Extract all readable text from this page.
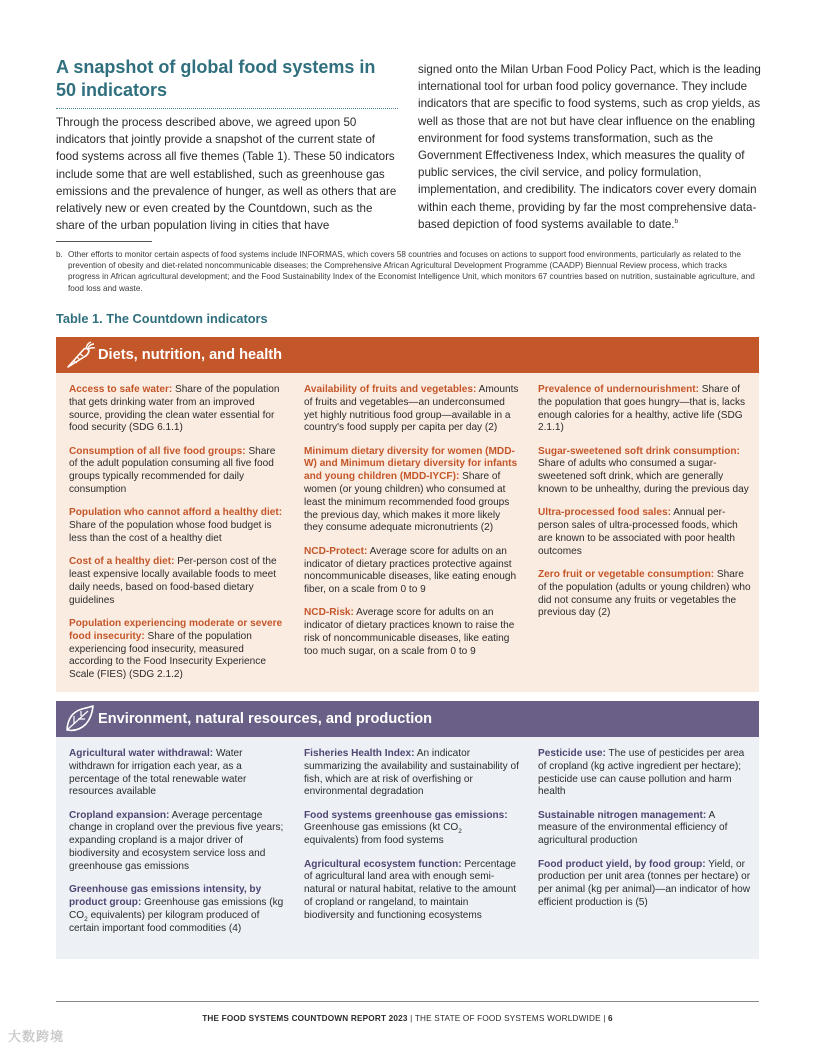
A snapshot of global food systems in 50 indicators

Through the process described above, we agreed upon 50 indicators that jointly provide a snapshot of the current state of food systems across all five themes (Table 1). These 50 indicators include some that are well established, such as greenhouse gas emissions and the prevalence of hunger, as well as others that are relatively new or even created by the Countdown, such as the share of the urban population living in cities that have

signed onto the Milan Urban Food Policy Pact, which is the leading international tool for urban food policy governance. They include indicators that are specific to food systems, such as crop yields, as well as those that are not but have clear influence on the enabling environment for food systems transformation, such as the Government Effectiveness Index, which measures the quality of public services, the civil service, and policy formulation, implementation, and credibility. The indicators cover every domain within each theme, providing by far the most comprehensive data-based depiction of food systems available to date.$^b$

b. Other efforts to monitor certain aspects of food systems include INFORMAS, which covers 58 countries and focuses on actions to support food environments, particularly as related to the prevention of obesity and diet-related noncommunicable diseases; the Comprehensive African Agricultural Development Programme (CAADP) Biennual Review process, which tracks progress in African agricultural development; and the Food Sustainability Index of the Economist Intelligence Unit, which monitors 67 countries based on nutrition, sustainable agriculture, and food loss and waste.
Table 1. The Countdown indicators
Diets, nutrition, and health
Access to safe water: Share of the population that gets drinking water from an improved source, providing the clean water essential for food security (SDG 6.1.1)
Consumption of all five food groups: Share of the adult population consuming all five food groups typically recommended for daily consumption
Population who cannot afford a healthy diet: Share of the population whose food budget is less than the cost of a healthy diet
Cost of a healthy diet: Per-person cost of the least expensive locally available foods to meet daily needs, based on food-based dietary guidelines
Population experiencing moderate or severe food insecurity: Share of the population experiencing food insecurity, measured according to the Food Insecurity Experience Scale (FIES) (SDG 2.1.2)
Availability of fruits and vegetables: Amounts of fruits and vegetables—an underconsumed yet highly nutritious food group—available in a country's food supply per capita per day (2)
Minimum dietary diversity for women (MDD-W) and Minimum dietary diversity for infants and young children (MDD-IYCF): Share of women (or young children) who consumed at least the minimum recommended food groups the previous day, which makes it more likely they consume adequate micronutrients (2)
NCD-Protect: Average score for adults on an indicator of dietary practices protective against noncommunicable diseases, like eating enough fiber, on a scale from 0 to 9
NCD-Risk: Average score for adults on an indicator of dietary practices known to raise the risk of noncommunicable diseases, like eating too much sugar, on a scale from 0 to 9
Prevalence of undernourishment: Share of the population that goes hungry—that is, lacks enough calories for a healthy, active life (SDG 2.1.1)
Sugar-sweetened soft drink consumption: Share of adults who consumed a sugar-sweetened soft drink, which are generally known to be unhealthy, during the previous day
Ultra-processed food sales: Annual per-person sales of ultra-processed foods, which are known to be associated with poor health outcomes
Zero fruit or vegetable consumption: Share of the population (adults or young children) who did not consume any fruits or vegetables the previous day (2)
Environment, natural resources, and production
Agricultural water withdrawal: Water withdrawn for irrigation each year, as a percentage of the total renewable water resources available
Cropland expansion: Average percentage change in cropland over the previous five years; expanding cropland is a major driver of biodiversity and ecosystem service loss and greenhouse gas emissions
Greenhouse gas emissions intensity, by product group: Greenhouse gas emissions (kg $CO_2$ equivalents) per kilogram produced of certain important food commodities (4)
Fisheries Health Index: An indicator summarizing the availability and sustainability of fish, which are at risk of overfishing or environmental degradation
Food systems greenhouse gas emissions: Greenhouse gas emissions (kt $CO_2$ equivalents) from food systems
Agricultural ecosystem function: Percentage of agricultural land area with enough semi-natural or natural habitat, relative to the amount of cropland or rangeland, to maintain biodiversity and functioning ecosystems
Pesticide use: The use of pesticides per area of cropland (kg active ingredient per hectare); pesticide use can cause pollution and harm health
Sustainable nitrogen management: A measure of the environmental efficiency of agricultural production
Food product yield, by food group: Yield, or production per unit area (tonnes per hectare) or per animal (kg per animal)—an indicator of how efficient production is (5)
THE FOOD SYSTEMS COUNTDOWN REPORT 2023 | THE STATE OF FOOD SYSTEMS WORLDWIDE | 6
大数跨境
